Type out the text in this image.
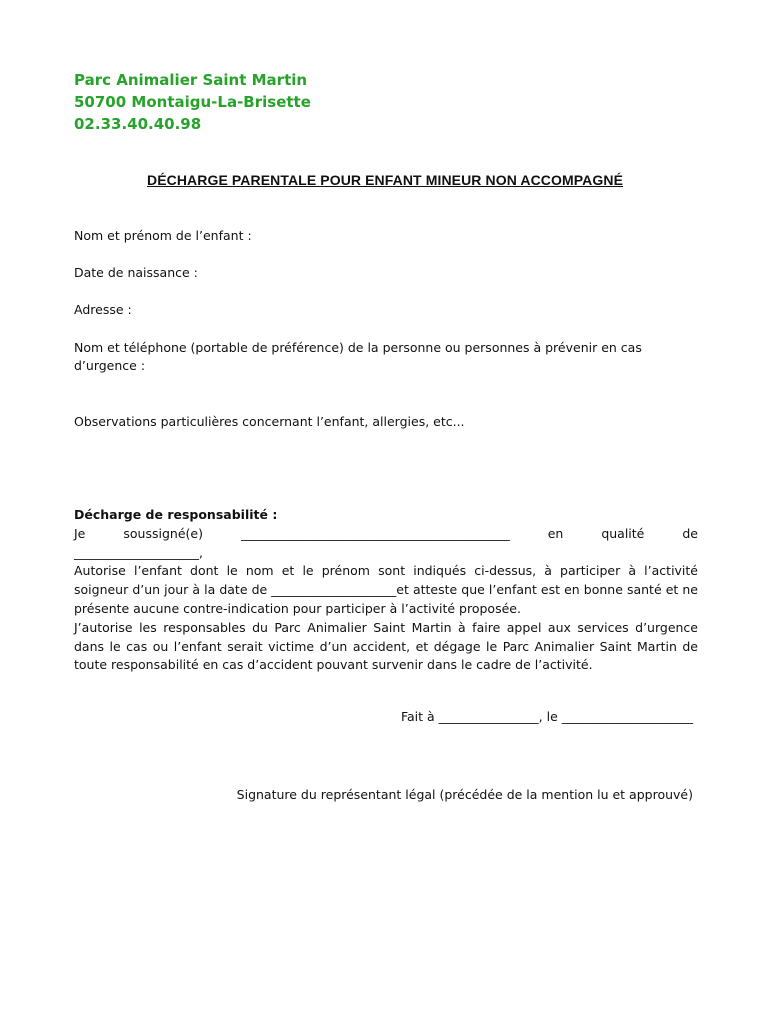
Parc Animalier Saint Martin
50700 Montaigu-La-Brisette
02.33.40.40.98
DÉCHARGE PARENTALE POUR ENFANT MINEUR NON ACCOMPAGNÉ
Nom et prénom de l’enfant :
Date de naissance :
Adresse :
Nom et téléphone (portable de préférence) de la personne ou personnes à prévenir en cas d’urgence :
Observations particulières concernant l’enfant, allergies, etc...
Décharge de responsabilité :
Je soussigné(e) ___________________________________________ en qualité de
____________________,
Autorise l’enfant dont le nom et le prénom sont indiqués ci-dessus, à participer à l’activité soigneur d’un jour à la date de ____________________et atteste que l’enfant est en bonne santé et ne présente aucune contre-indication pour participer à l’activité proposée.
J’autorise les responsables du Parc Animalier Saint Martin à faire appel aux services d’urgence dans le cas ou l’enfant serait victime d’un accident, et dégage le Parc Animalier Saint Martin de toute responsabilité en cas d’accident pouvant survenir dans le cadre de l’activité.
Fait à ________________, le _____________________
Signature du représentant légal (précédée de la mention lu et approuvé)
